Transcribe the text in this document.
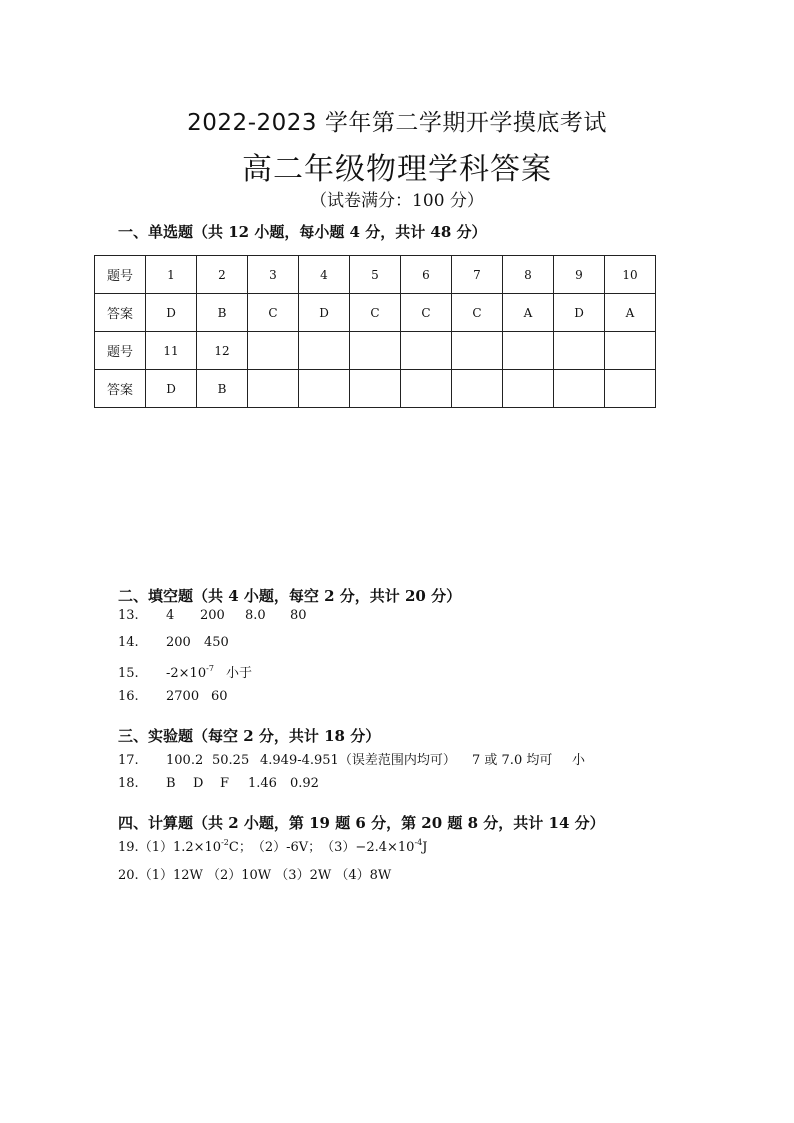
2022-2023 学年第二学期开学摸底考试
高二年级物理学科答案
（试卷满分：100 分）
一、单选题（共 12 小题，每小题 4 分，共计 48 分）
题号	1	2	3	4	5	6	7	8	9	10
答案	D	B	C	D	C	C	C	A	D	A
题号	11	12								
答案	D	B								
二、填空题（共 4 小题，每空 2 分，共计 20 分）
13. 4 200 8.0 80
14. 200 450
15. $-2\times 10^{-7}$ 小于
16. 2700 60
三、实验题（每空 2 分，共计 18 分）
17. 100.2 50.25 4.949-4.951（误差范围内均可） 7 或 7.0 均可 小
18. B D F 1.46 0.92
四、计算题（共 2 小题，第 19 题 6 分，第 20 题 8 分，共计 14 分）
$19.(1)1.2\times 10^{-2}C$；（2）-6V；$(3)-2.4\times 10^{-4}J$
20.（1）12W （2）10W （3）2W （4）8W
